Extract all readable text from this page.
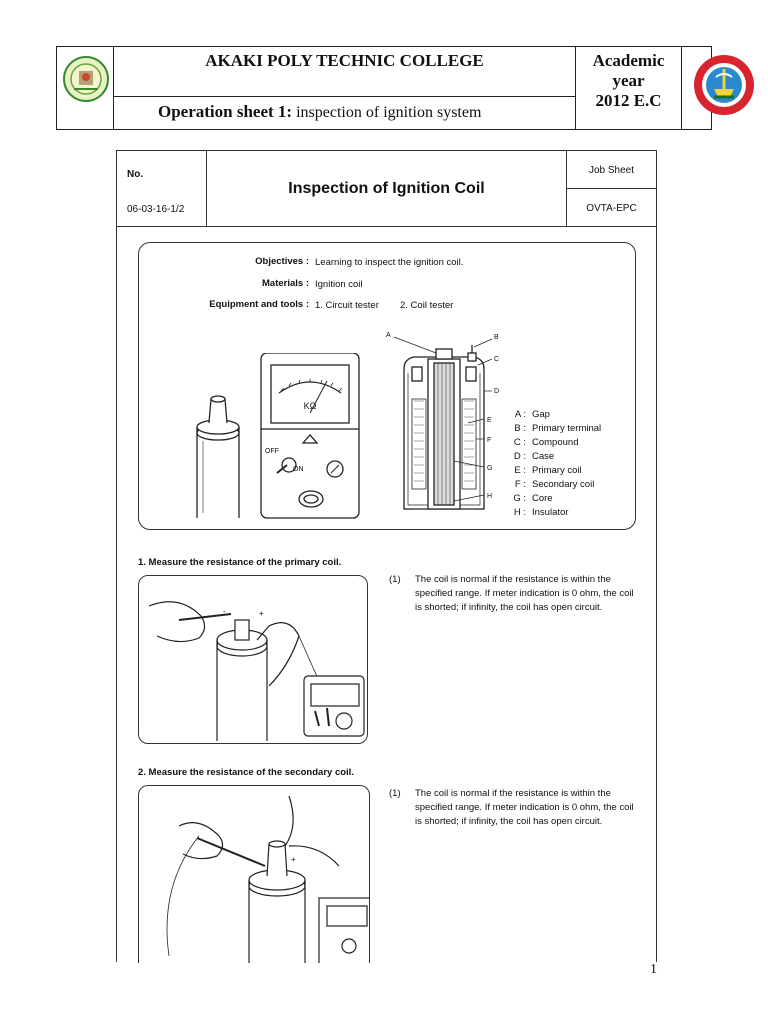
AKAKI POLY TECHNIC COLLEGE
Operation sheet 1: inspection of ignition system
Academic
year
2012 E.C
No.
06-03-16-1/2
Inspection of Ignition Coil
Job Sheet
OVTA-EPC
Objectives : Learning to inspect the ignition coil.
Materials : Ignition coil
Equipment and tools : 1. Circuit tester 2. Coil tester
KΩ
OFF
ON
A	B
C
D
E
F
G
H
A : Gap
B : Primary terminal
C : Compound
D : Case
E : Primary coil
F : Secondary coil
G : Core
H : Insulator
1. Measure the resistance of the primary coil.
-	+
(1) The coil is normal if the resistance is within the specified range. If meter indication is 0 ohm, the coil is shorted; if infinity, the coil has open circuit.
2. Measure the resistance of the secondary coil.
+
(1) The coil is normal if the resistance is within the specified range. If meter indication is 0 ohm, the coil is shorted; if infinity, the coil has open circuit.
1
